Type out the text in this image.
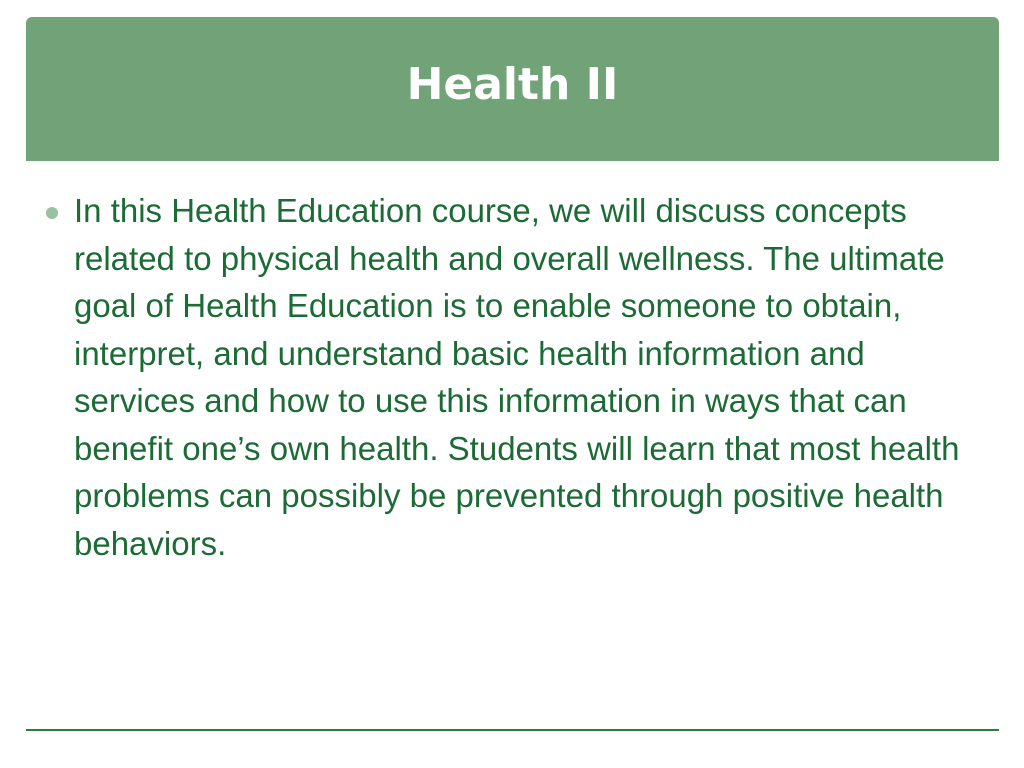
Health II
In this Health Education course, we will discuss concepts related to physical health and overall wellness. The ultimate goal of Health Education is to enable someone to obtain, interpret, and understand basic health information and services and how to use this information in ways that can benefit one’s own health. Students will learn that most health problems can possibly be prevented through positive health behaviors.
